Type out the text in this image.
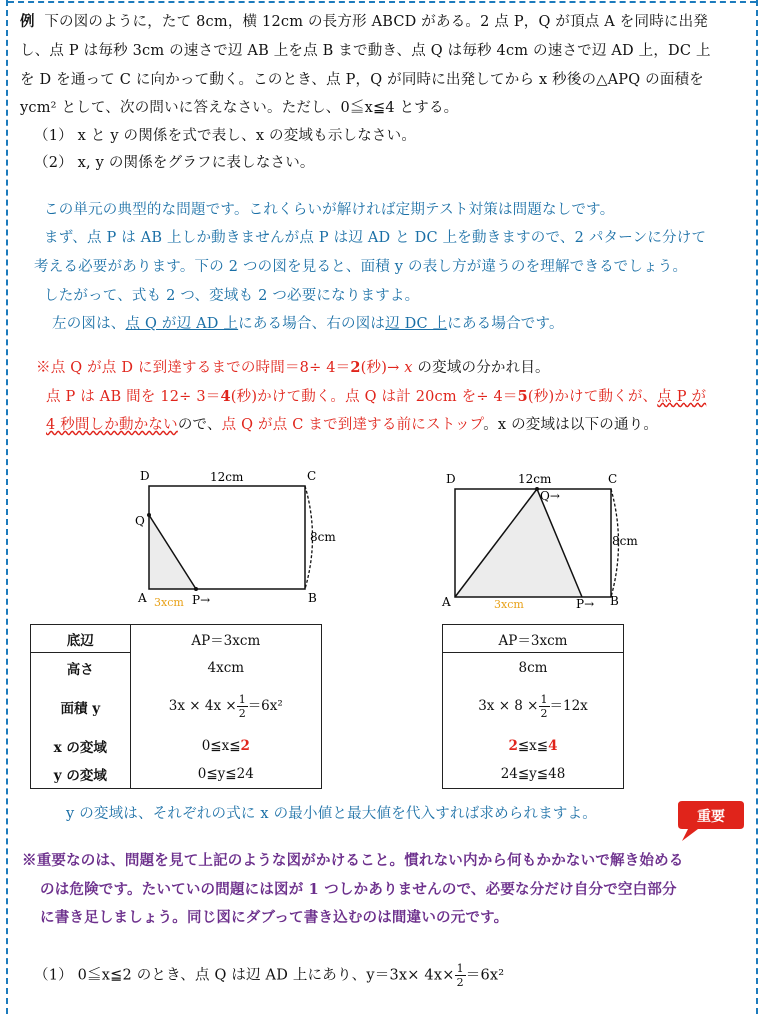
例 下の図のように，たて 8cm，横 12cm の長方形 ABCD がある。2 点 P，Q が頂点 A を同時に出発
し、点 P は毎秒 3cm の速さで辺 AB 上を点 B まで動き、点 Q は毎秒 4cm の速さで辺 AD 上，DC 上
を D を通って C に向かって動く。このとき、点 P，Q が同時に出発してから x 秒後の△APQ の面積を
ycm² として、次の問いに答えなさい。ただし、0≦x≦4 とする。
（1） x と y の関係を式で表し、x の変域も示しなさい。
（2） x, y の関係をグラフに表しなさい。
この単元の典型的な問題です。これくらいが解ければ定期テスト対策は問題なしです。
まず、点 P は AB 上しか動きませんが点 P は辺 AD と DC 上を動きますので、2 パターンに分けて
考える必要があります。下の 2 つの図を見ると、面積 y の表し方が違うのを理解できるでしょう。
したがって、式も 2 つ、変域も 2 つ必要になりますよ。
左の図は、点 Q が辺 AD 上にある場合、右の図は辺 DC 上にある場合です。
※点 Q が点 D に到達するまでの時間＝8÷ 4＝2(秒)→ x の変域の分かれ目。
点 P は AB 間を 12÷ 3＝4(秒)かけて動く。点 Q は計 20cm を÷ 4＝5(秒)かけて動くが、点 P が
4 秒間しか動かないので、点 Q が点 C まで到達する前にストップ。x の変域は以下の通り。
D	C
12cm
8cm
Q
A 3xcm P→	B
D	C
12cm
Q→
8cm
A	3xcm	P→ B
底辺	AP＝3xcm
高さ	4xcm
面積 y	$3x \times 4x \times \frac{1}{2} =6x^2$
x の変域	0≦x≦2
y の変域	0≦y≦24
AP＝3xcm
8cm
$3x \times 8 \times \frac{1}{2} =12x$
2≦x≦4
24≦y≦48
y の変域は、それぞれの式に x の最小値と最大値を代入すれば求められますよ。	重要
※重要なのは、問題を見て上記のような図がかけること。慣れない内から何もかかないで解き始める
のは危険です。たいていの問題には図が 1 つしかありませんので、必要な分だけ自分で空白部分
に書き足しましょう。同じ図にダブって書き込むのは間違いの元です。
（1） 0≦x≦2 のとき、点 Q は辺 AD 上にあり、$y=3x\times 4x\times \frac{1}{2} =6x^2$
